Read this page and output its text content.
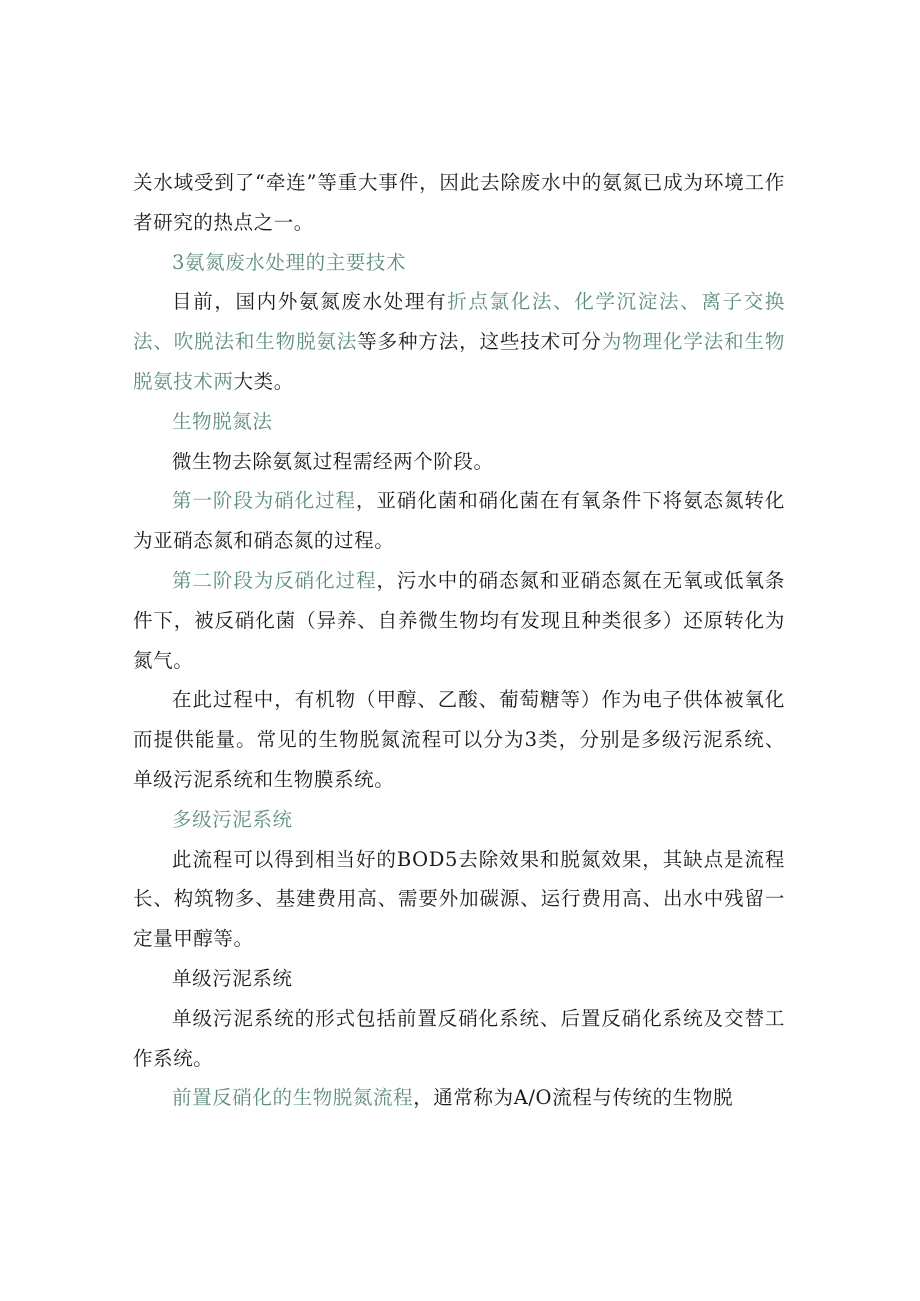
关水域受到了“牵连”等重大事件，因此去除废水中的氨氮已成为环境工作者研究的热点之一。

3氨氮废水处理的主要技术

目前，国内外氨氮废水处理有折点氯化法、化学沉淀法、离子交换法、吹脱法和生物脱氨法等多种方法，这些技术可分为物理化学法和生物脱氨技术两大类。

生物脱氮法

微生物去除氨氮过程需经两个阶段。

第一阶段为硝化过程，亚硝化菌和硝化菌在有氧条件下将氨态氮转化为亚硝态氮和硝态氮的过程。

第二阶段为反硝化过程，污水中的硝态氮和亚硝态氮在无氧或低氧条件下，被反硝化菌（异养、自养微生物均有发现且种类很多）还原转化为氮气。

在此过程中，有机物（甲醇、乙酸、葡萄糖等）作为电子供体被氧化而提供能量。常见的生物脱氮流程可以分为3类，分别是多级污泥系统、单级污泥系统和生物膜系统。

多级污泥系统

此流程可以得到相当好的BOD5去除效果和脱氮效果，其缺点是流程长、构筑物多、基建费用高、需要外加碳源、运行费用高、出水中残留一定量甲醇等。

单级污泥系统

单级污泥系统的形式包括前置反硝化系统、后置反硝化系统及交替工作系统。

前置反硝化的生物脱氮流程，通常称为A/O流程与传统的生物脱
